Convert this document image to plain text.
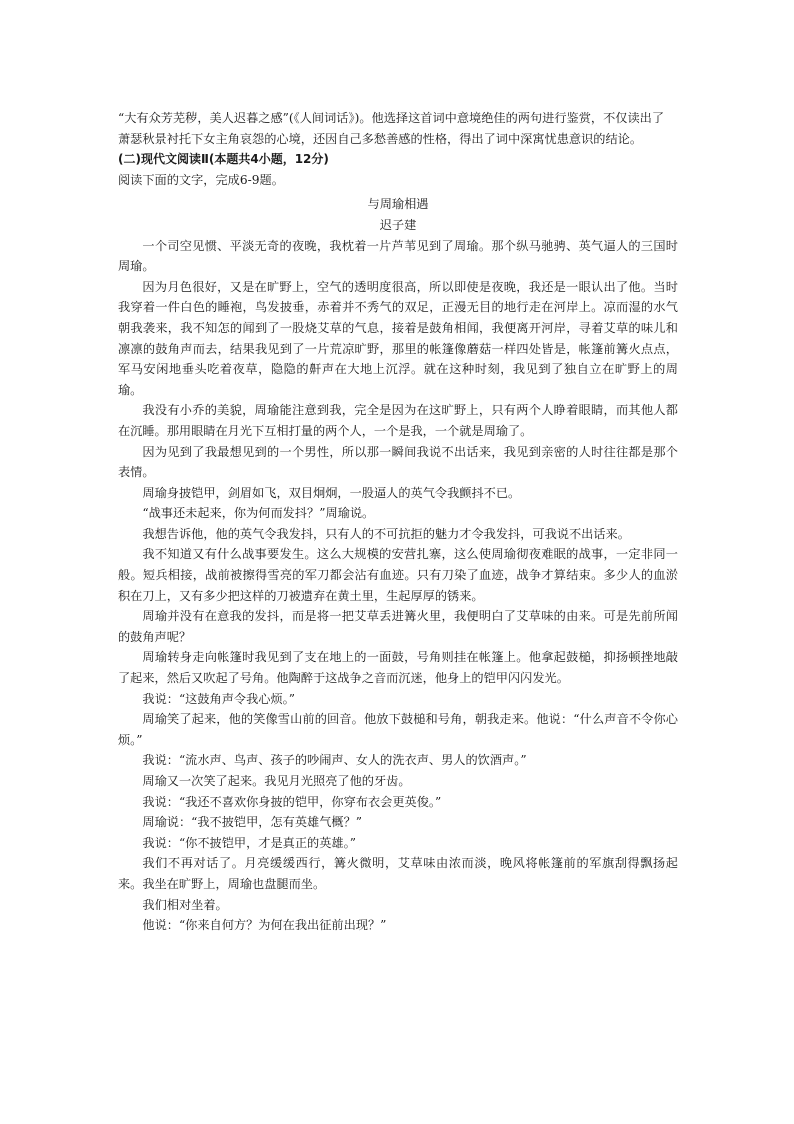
“大有众芳芜秽，美人迟暮之感”(《人间词话》)。他选择这首词中意境绝佳的两句进行鉴赏，不仅读出了

萧瑟秋景衬托下女主角哀怨的心境，还因自己多愁善感的性格，得出了词中深寓忧患意识的结论。

(二)现代文阅读Ⅱ(本题共4小题，12分)

阅读下面的文字，完成6-9题。

与周瑜相遇

迟子建

一个司空见惯、平淡无奇的夜晚，我枕着一片芦苇见到了周瑜。那个纵马驰骋、英气逼人的三国时周瑜。

因为月色很好，又是在旷野上，空气的透明度很高，所以即使是夜晚，我还是一眼认出了他。当时我穿着一件白色的睡袍，鸟发披垂，赤着并不秀气的双足，正漫无目的地行走在河岸上。凉而湿的水气朝我袭来，我不知怎的闻到了一股烧艾草的气息，接着是鼓角相闻，我便离开河岸，寻着艾草的味儿和凛凛的鼓角声而去，结果我见到了一片荒凉旷野，那里的帐篷像蘑菇一样四处皆是，帐篷前篝火点点，军马安闲地垂头吃着夜草，隐隐的鼾声在大地上沉浮。就在这种时刻，我见到了独自立在旷野上的周瑜。

我没有小乔的美貌，周瑜能注意到我，完全是因为在这旷野上，只有两个人睁着眼睛，而其他人都在沉睡。那用眼睛在月光下互相打量的两个人，一个是我，一个就是周瑜了。

因为见到了我最想见到的一个男性，所以那一瞬间我说不出话来，我见到亲密的人时往往都是那个表情。

周瑜身披铠甲，剑眉如飞，双目炯炯，一股逼人的英气令我颤抖不已。

“战事还未起来，你为何而发抖？”周瑜说。

我想告诉他，他的英气令我发抖，只有人的不可抗拒的魅力才令我发抖，可我说不出话来。

我不知道又有什么战事要发生。这么大规模的安营扎寨，这么使周瑜彻夜难眠的战事，一定非同一般。短兵相接，战前被擦得雪亮的军刀都会沾有血迹。只有刀染了血迹，战争才算结束。多少人的血淤积在刀上，又有多少把这样的刀被遗弃在黄土里，生起厚厚的锈来。

周瑜并没有在意我的发抖，而是将一把艾草丢进篝火里，我便明白了艾草味的由来。可是先前所闻的鼓角声呢？

周瑜转身走向帐篷时我见到了支在地上的一面鼓，号角则挂在帐篷上。他拿起鼓槌，抑扬顿挫地敲了起来，然后又吹起了号角。他陶醉于这战争之音而沉迷，他身上的铠甲闪闪发光。

我说：“这鼓角声令我心烦。”

周瑜笑了起来，他的笑像雪山前的回音。他放下鼓槌和号角，朝我走来。他说：“什么声音不令你心烦。”

我说：“流水声、鸟声、孩子的吵闹声、女人的洗衣声、男人的饮酒声。”

周瑜又一次笑了起来。我见月光照亮了他的牙齿。

我说：“我还不喜欢你身披的铠甲，你穿布衣会更英俊。”

周瑜说：“我不披铠甲，怎有英雄气概？”

我说：“你不披铠甲，才是真正的英雄。”

我们不再对话了。月亮缓缓西行，篝火微明，艾草味由浓而淡，晚风将帐篷前的军旗刮得飘扬起来。我坐在旷野上，周瑜也盘腿而坐。

我们相对坐着。

他说：“你来自何方？为何在我出征前出现？”
